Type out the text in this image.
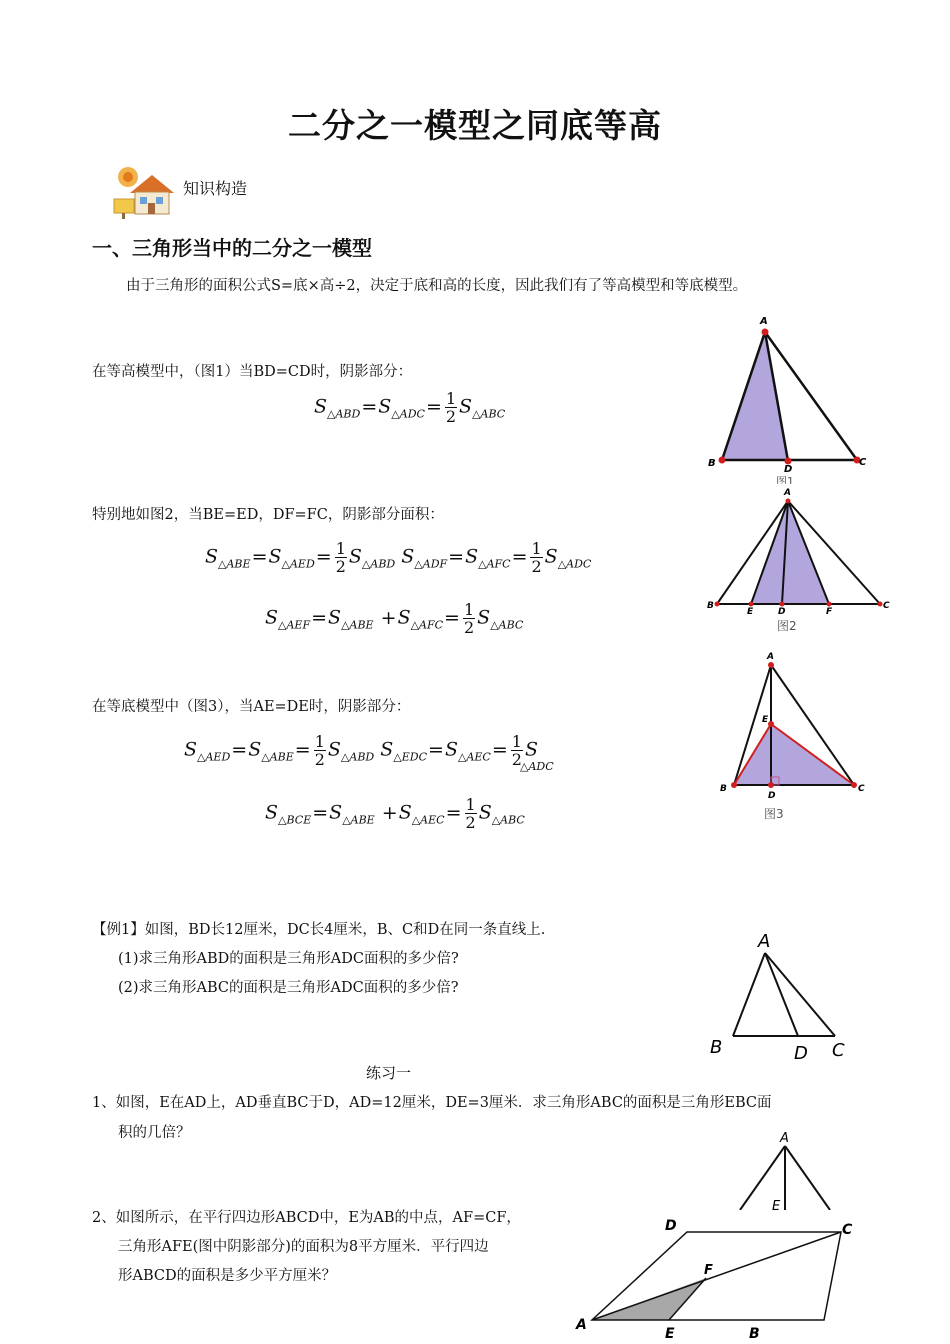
二分之一模型之同底等高
知识构造
一、三角形当中的二分之一模型
由于三角形的面积公式S=底×高÷2，决定于底和高的长度，因此我们有了等高模型和等底模型。
在等高模型中，（图1）当BD=CD时，阴影部分：
$S_{\triangle ABD}=S_{\triangle ADC}= \frac{1}{2} S_{\triangle ABC}$
A
B	C
D
图1
特别地如图2，当BE=ED，DF=FC，阴影部分面积：
$S_{\triangle ABE}=S_{\triangle AED}= \frac{1}{2} S_{\triangle ABD}$ $S_{\triangle ADF}=S_{\triangle AFC}= \frac{1}{2} S_{\triangle ADC}$
$S_{\triangle AEF}=S_{\triangle ABE} +S_{\triangle AFC}= \frac{1}{2} S_{\triangle ABC}$
A
B	C
E	D	F
图2
在等底模型中（图3），当AE=DE时，阴影部分：
$S_{\triangle AED}=S_{\triangle ABE}= \frac{1}{2} S_{\triangle ABD}$ $S_{\triangle EDC}=S_{\triangle AEC}= \frac{1}{2}$ S
△ADC
$S_{\triangle BCE}=S_{\triangle ABE} +S_{\triangle AEC}= \frac{1}{2} S_{\triangle ABC}$
A
E
B	C
D
图3
【例1】如图，BD长12厘米，DC长4厘米，B、C和D在同一条直线上.
(1)求三角形ABD的面积是三角形ADC面积的多少倍?
(2)求三角形ABC的面积是三角形ADC面积的多少倍?
A
B	D C
练习一
1、如图，E在AD上，AD垂直BC于D，AD=12厘米，DE=3厘米．求三角形ABC的面积是三角形EBC面
积的几倍？	A
E
2、如图所示，在平行四边形ABCD中，E为AB的中点，AF=CF，
三角形AFE(图中阴影部分)的面积为8平方厘米．平行四边
形ABCD的面积是多少平方厘米？
D	C
F
A
E	B
